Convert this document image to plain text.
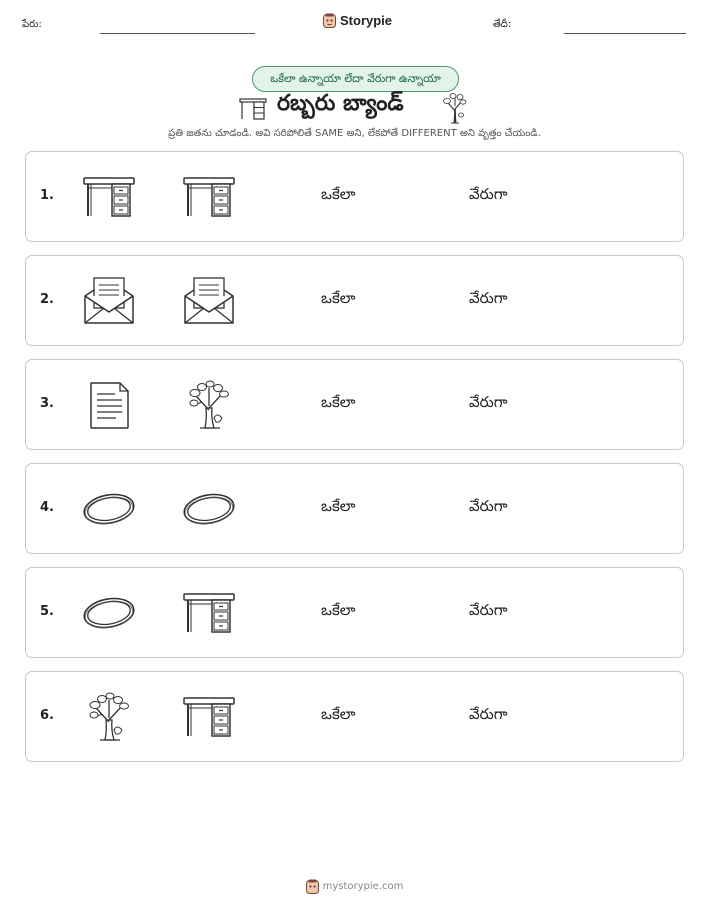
పేరు:	Storypie	తేదీ:
ఒకేలా ఉన్నాయా లేదా వేరుగా ఉన్నాయా
రబ్బరు బ్యాండ్
ప్రతి జతను చూడండి. అవి సరిపోలితే SAME అని, లేకపోతే DIFFERENT అని వృత్తం చేయండి.
1.	ఒకేలా	వేరుగా
2.	ఒకేలా	వేరుగా
3.	ఒకేలా	వేరుగా
4.	ఒకేలా	వేరుగా
5.	ఒకేలా	వేరుగా
6.	ఒకేలా	వేరుగా
mystorypie.com
